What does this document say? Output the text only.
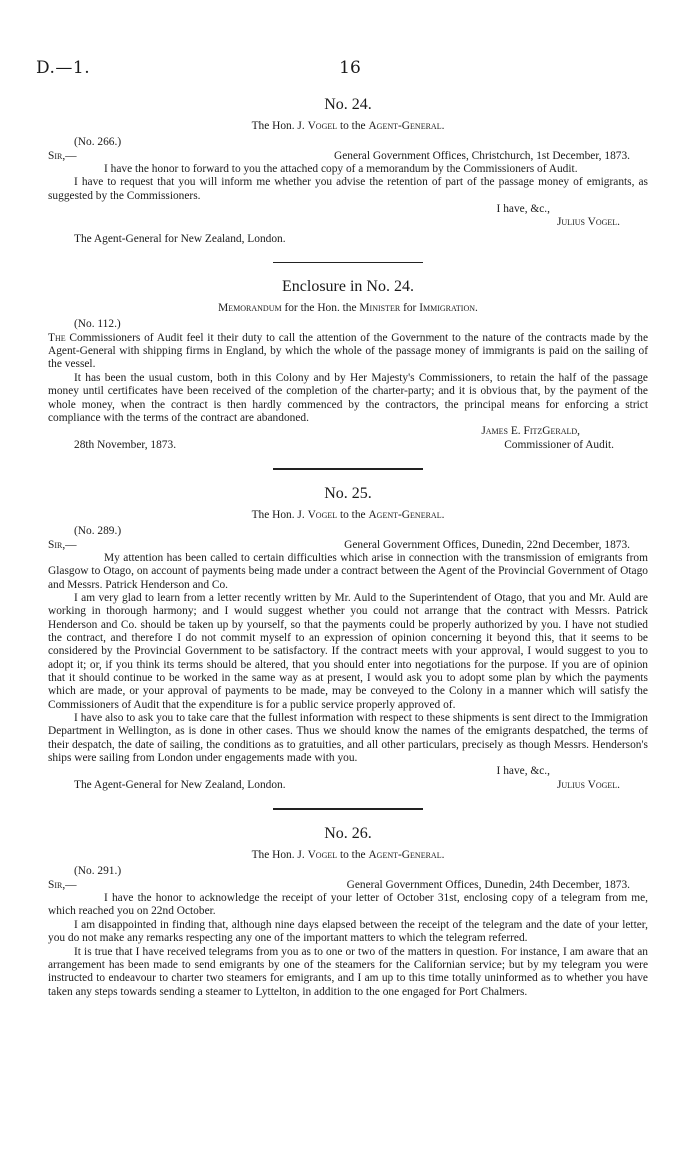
D.—1.	16
No. 24.
The Hon. J. Vogel to the Agent-General.
(No. 266.)
Sir,—	General Government Offices, Christchurch, 1st December, 1873.

I have the honor to forward to you the attached copy of a memorandum by the Commissioners of Audit.

I have to request that you will inform me whether you advise the retention of part of the passage money of emigrants, as suggested by the Commissioners.

I have, &c.,
Julius Vogel.
The Agent-General for New Zealand, London.
Enclosure in No. 24.
Memorandum for the Hon. the Minister for Immigration.
(No. 112.)

The Commissioners of Audit feel it their duty to call the attention of the Government to the nature of the contracts made by the Agent-General with shipping firms in England, by which the whole of the passage money of immigrants is paid on the sailing of the vessel.

It has been the usual custom, both in this Colony and by Her Majesty's Commissioners, to retain the half of the passage money until certificates have been received of the completion of the charter-party; and it is obvious that, by the payment of the whole money, when the contract is then hardly commenced by the contractors, the principal means for enforcing a strict compliance with the terms of the contract are abandoned.

James E. FitzGerald,
28th November, 1873.	Commissioner of Audit.
No. 25.
The Hon. J. Vogel to the Agent-General.
(No. 289.)
Sir,—	General Government Offices, Dunedin, 22nd December, 1873.

My attention has been called to certain difficulties which arise in connection with the transmission of emigrants from Glasgow to Otago, on account of payments being made under a contract between the Agent of the Provincial Government of Otago and Messrs. Patrick Henderson and Co.

I am very glad to learn from a letter recently written by Mr. Auld to the Superintendent of Otago, that you and Mr. Auld are working in thorough harmony; and I would suggest whether you could not arrange that the contract with Messrs. Patrick Henderson and Co. should be taken up by yourself, so that the payments could be properly authorized by you. I have not studied the contract, and therefore I do not commit myself to an expression of opinion concerning it beyond this, that it seems to be considered by the Provincial Government to be satisfactory. If the contract meets with your approval, I would suggest to you to adopt it; or, if you think its terms should be altered, that you should enter into negotiations for the purpose. If you are of opinion that it should continue to be worked in the same way as at present, I would ask you to adopt some plan by which the payments which are made, or your approval of payments to be made, may be conveyed to the Colony in a manner which will satisfy the Commissioners of Audit that the expenditure is for a public service properly approved of.

I have also to ask you to take care that the fullest information with respect to these shipments is sent direct to the Immigration Department in Wellington, as is done in other cases. Thus we should know the names of the emigrants despatched, the terms of their despatch, the date of sailing, the conditions as to gratuities, and all other particulars, precisely as though Messrs. Henderson's ships were sailing from London under engagements made with you.

I have, &c.,
The Agent-General for New Zealand, London.	Julius Vogel.
No. 26.
The Hon. J. Vogel to the Agent-General.
(No. 291.)
Sir,—	General Government Offices, Dunedin, 24th December, 1873.

I have the honor to acknowledge the receipt of your letter of October 31st, enclosing copy of a telegram from me, which reached you on 22nd October.

I am disappointed in finding that, although nine days elapsed between the receipt of the telegram and the date of your letter, you do not make any remarks respecting any one of the important matters to which the telegram referred.

It is true that I have received telegrams from you as to one or two of the matters in question. For instance, I am aware that an arrangement has been made to send emigrants by one of the steamers for the Californian service; but by my telegram you were instructed to endeavour to charter two steamers for emigrants, and I am up to this time totally uninformed as to whether you have taken any steps towards sending a steamer to Lyttelton, in addition to the one engaged for Port Chalmers.
